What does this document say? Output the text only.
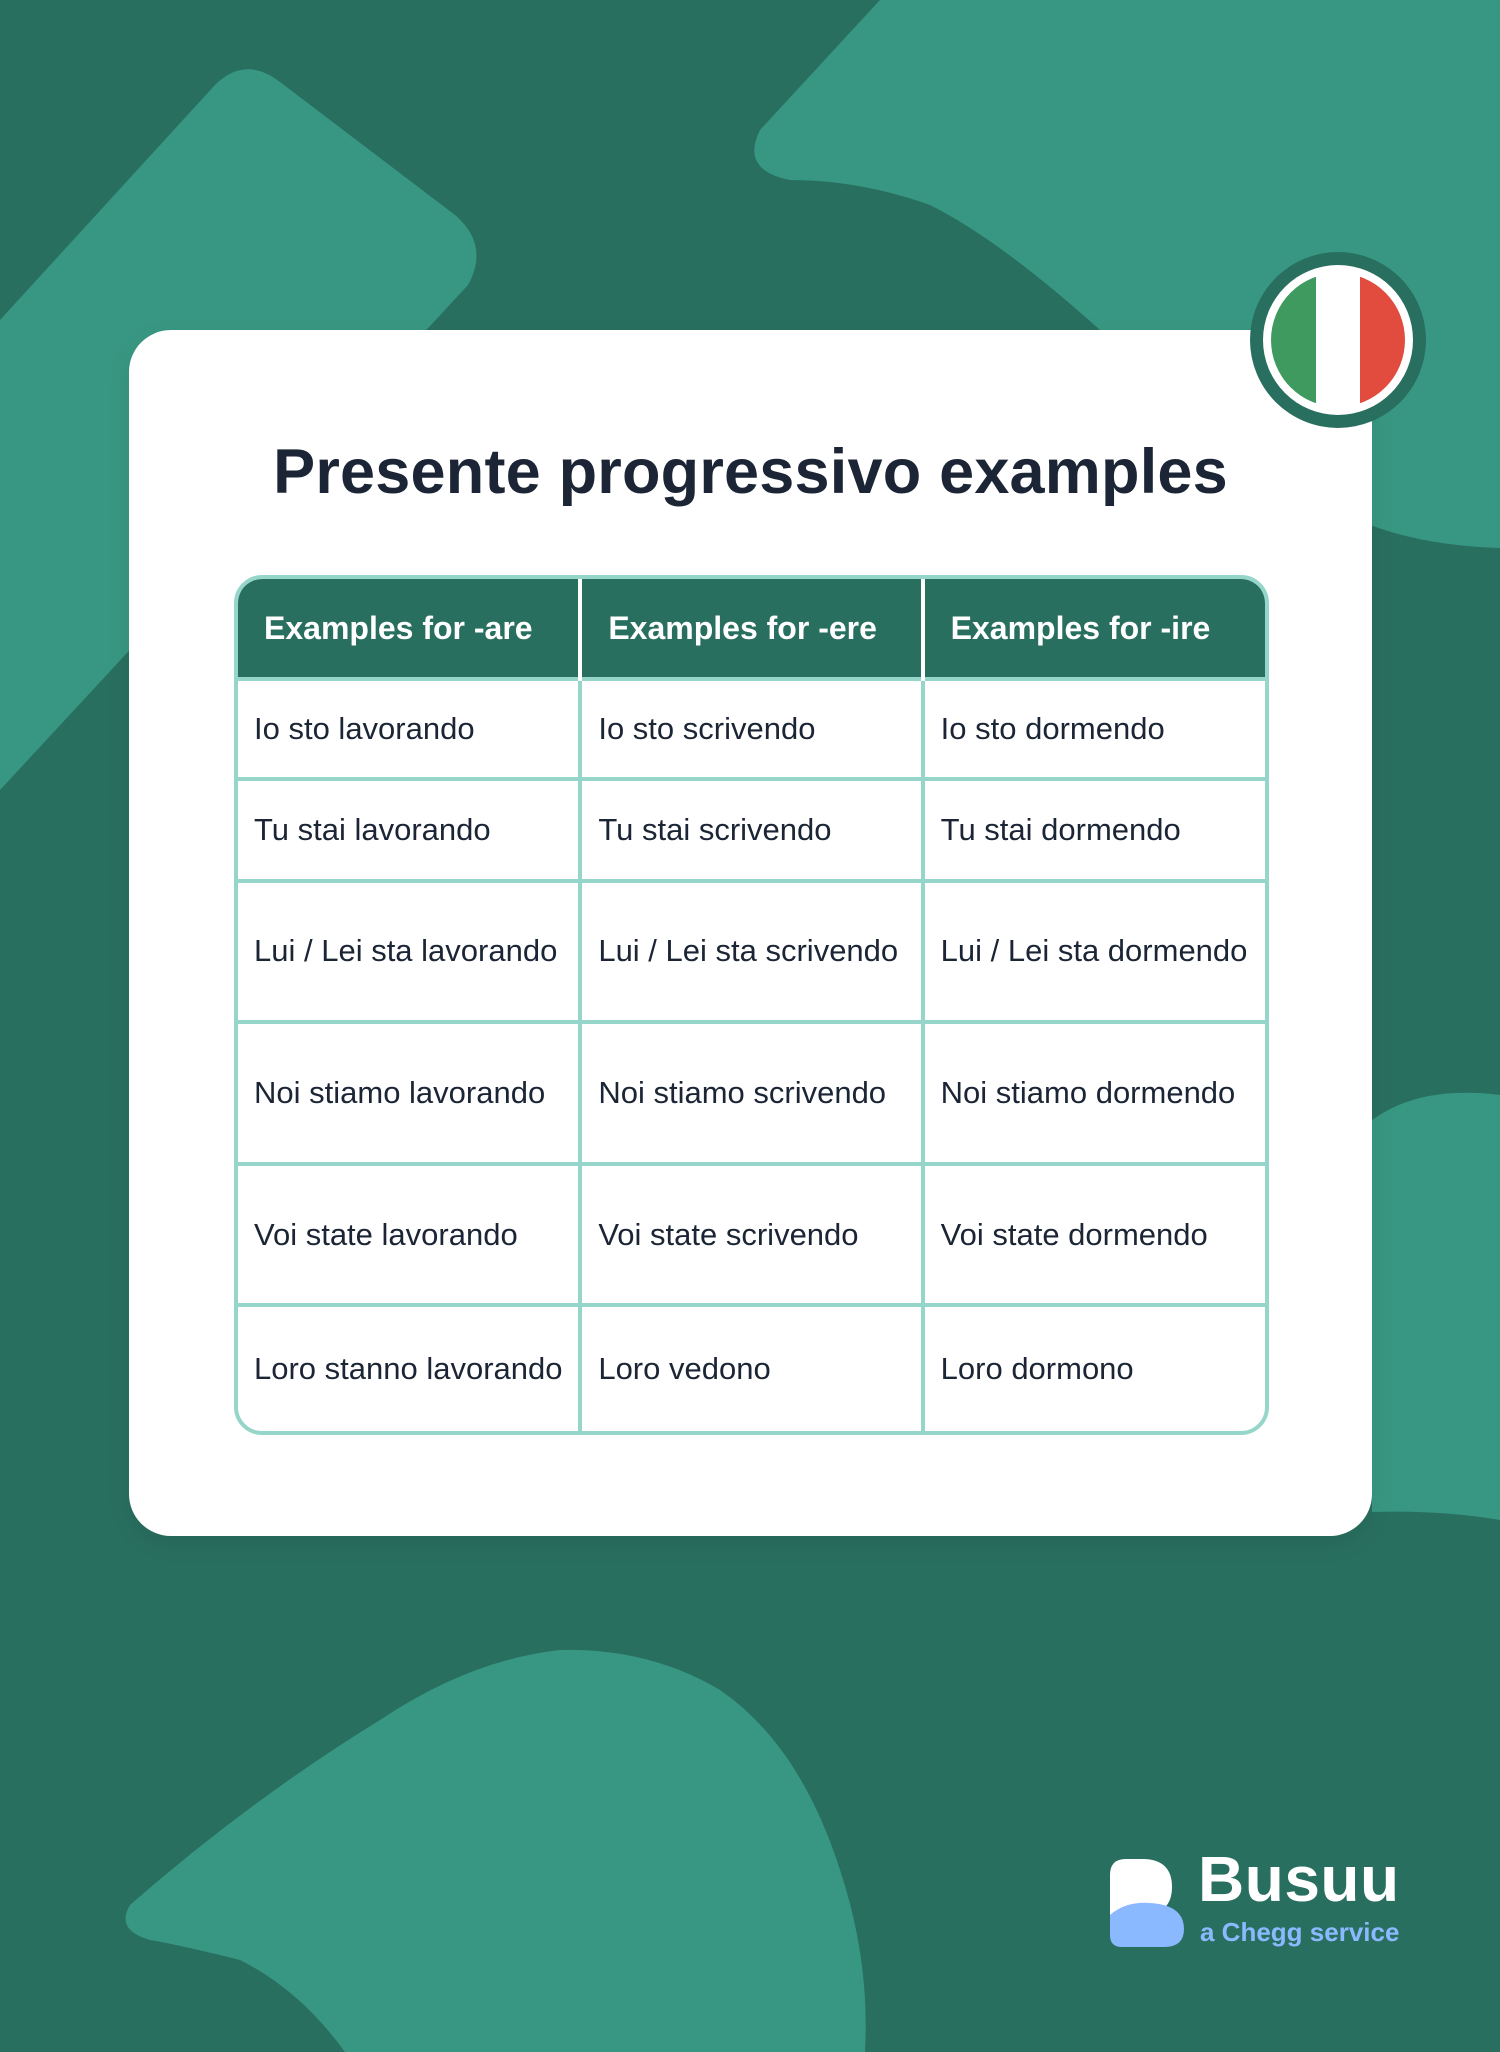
Presente progressivo examples
Examples for -are	Examples for -ere	Examples for -ire
Io sto lavorando	Io sto scrivendo	Io sto dormendo
Tu stai lavorando	Tu stai scrivendo	Tu stai dormendo
Lui / Lei sta lavorando	Lui / Lei sta scrivendo	Lui / Lei sta dormendo
Noi stiamo lavorando	Noi stiamo scrivendo	Noi stiamo dormendo
Voi state lavorando	Voi state scrivendo	Voi state dormendo
Loro stanno lavorando	Loro vedono	Loro dormono
Busuu
a Chegg service
